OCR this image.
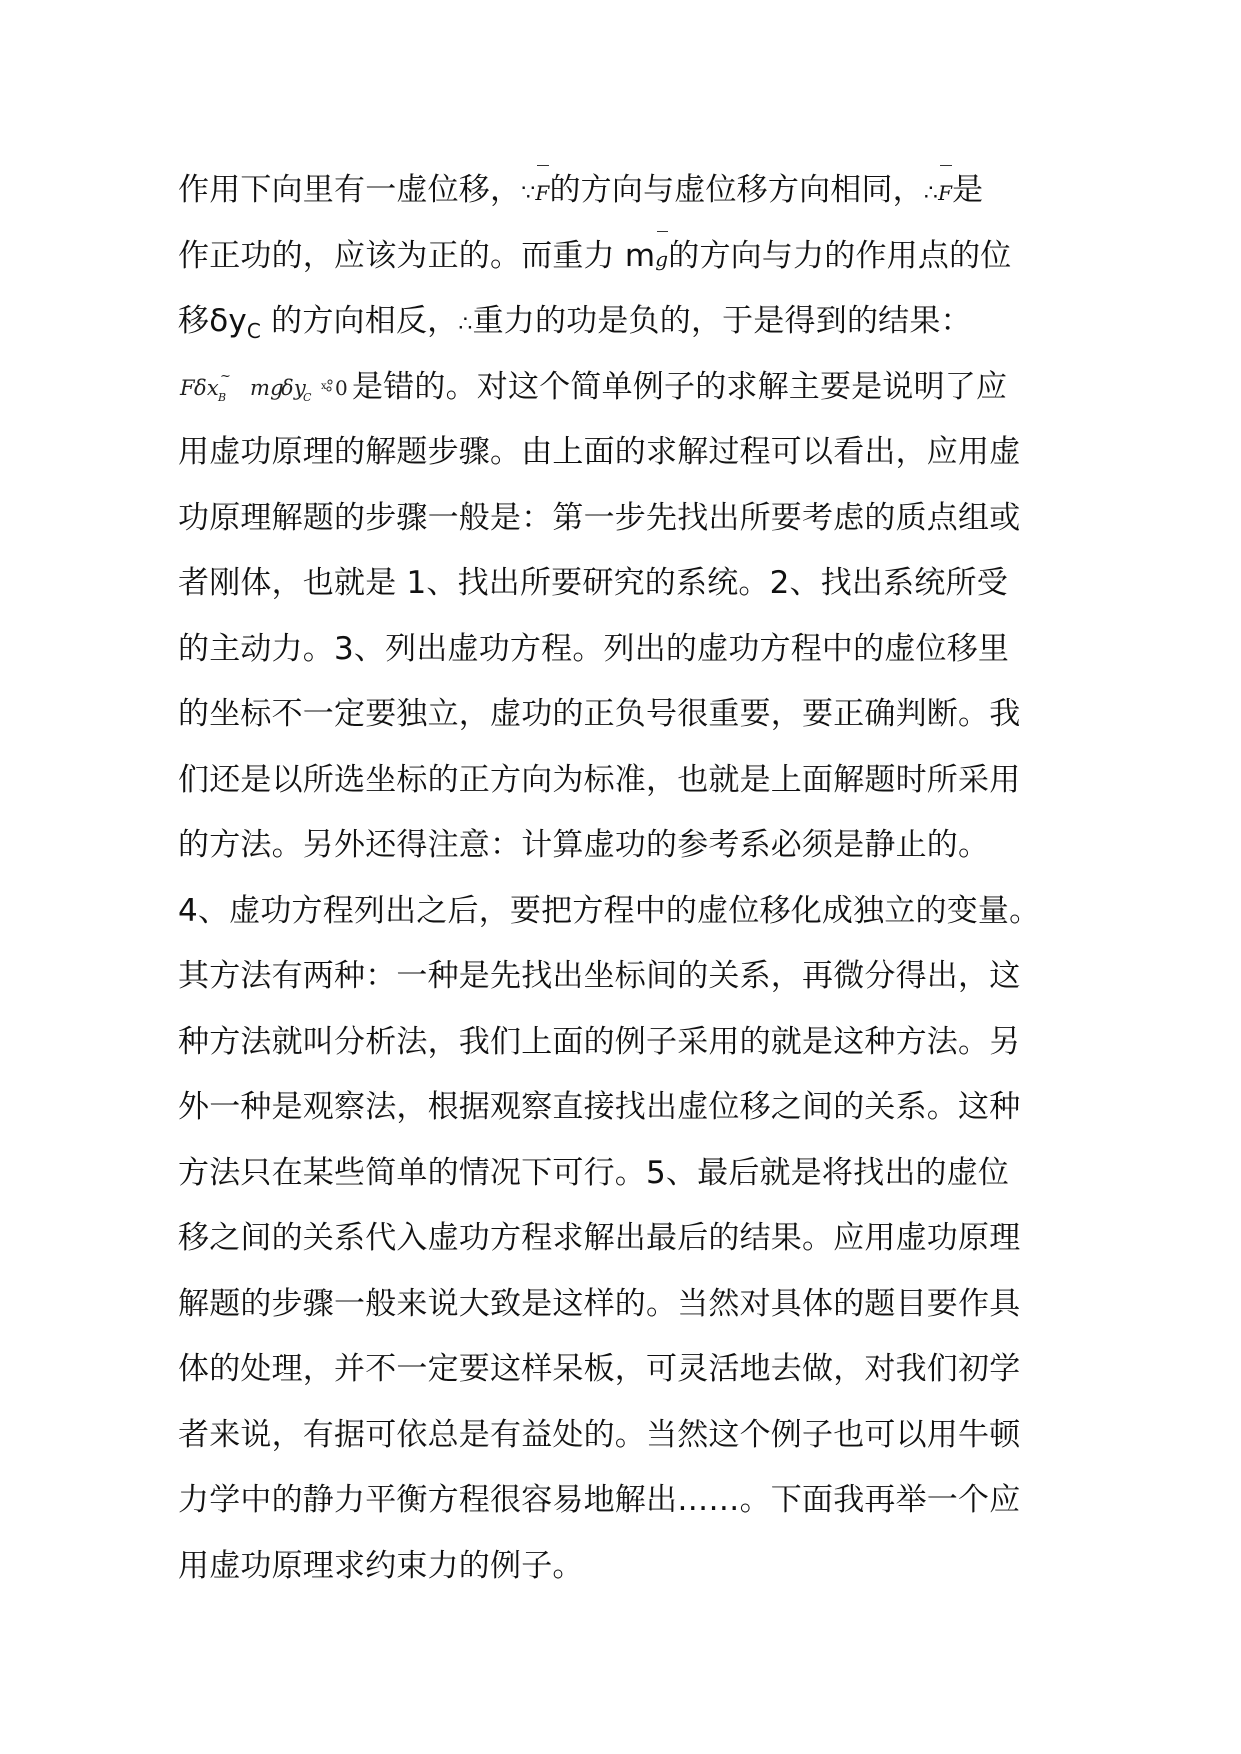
作用下向里有一虚位移，∵F的方向与虚位移方向相同，∴F是
作正功的，应该为正的。而重力 mg的方向与力的作用点的位
移$\delta y_C$ 的方向相反，∴重力的功是负的，于是得到的结果：
F δx B
~ mg
δy
C
x 0 是错的。对这个简单例子的求解主要是说明了应
用虚功原理的解题步骤。由上面的求解过程可以看出，应用虚
功原理解题的步骤一般是：第一步先找出所要考虑的质点组或
者刚体，也就是 1、找出所要研究的系统。2、找出系统所受
的主动力。3、列出虚功方程。列出的虚功方程中的虚位移里
的坐标不一定要独立，虚功的正负号很重要，要正确判断。我
们还是以所选坐标的正方向为标准，也就是上面解题时所采用
的方法。另外还得注意：计算虚功的参考系必须是静止的。
4、虚功方程列出之后，要把方程中的虚位移化成独立的变量。
其方法有两种：一种是先找出坐标间的关系，再微分得出，这
种方法就叫分析法，我们上面的例子采用的就是这种方法。另
外一种是观察法，根据观察直接找出虚位移之间的关系。这种
方法只在某些简单的情况下可行。5、最后就是将找出的虚位
移之间的关系代入虚功方程求解出最后的结果。应用虚功原理
解题的步骤一般来说大致是这样的。当然对具体的题目要作具
体的处理，并不一定要这样呆板，可灵活地去做，对我们初学
者来说，有据可依总是有益处的。当然这个例子也可以用牛顿
力学中的静力平衡方程很容易地解出……。下面我再举一个应
用虚功原理求约束力的例子。
